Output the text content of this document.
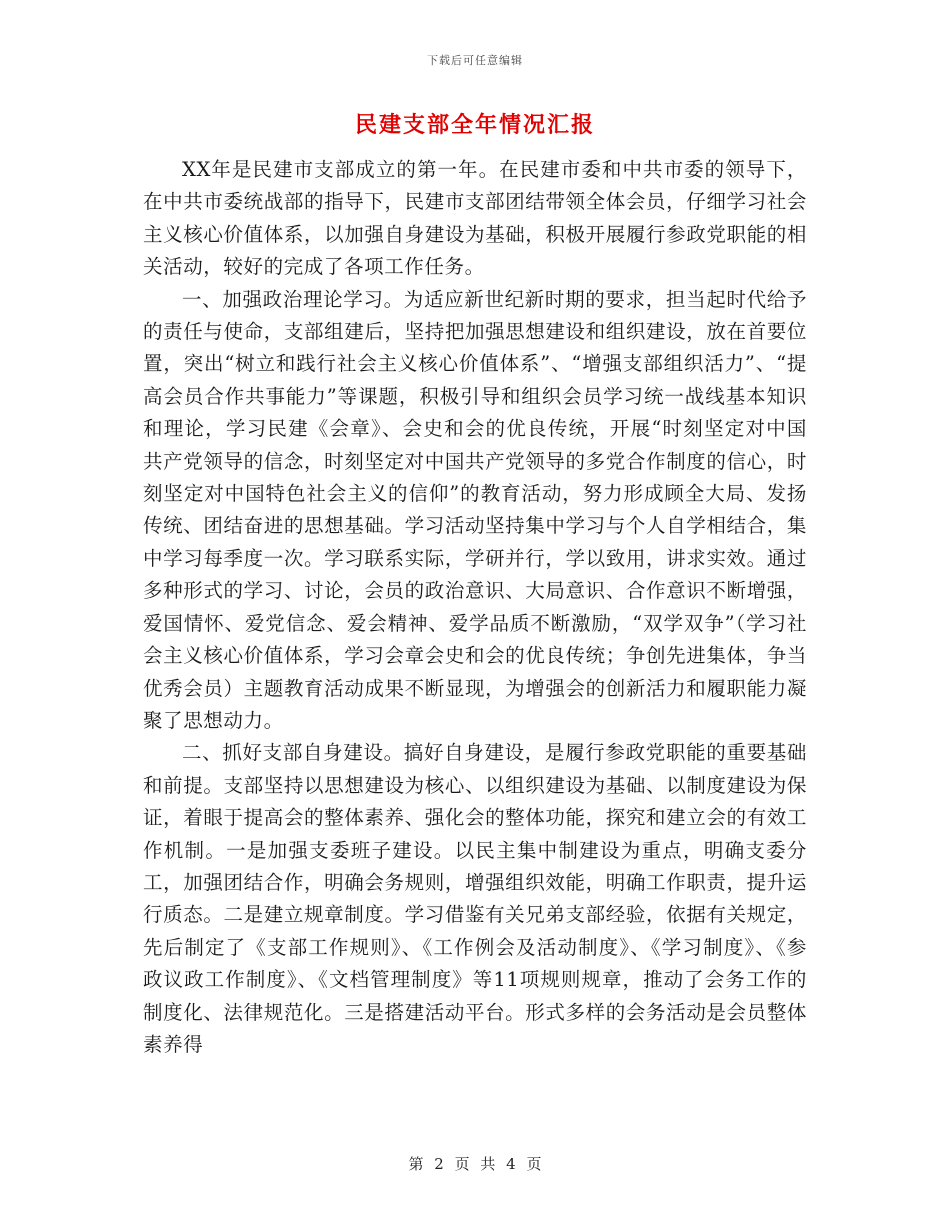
下载后可任意编辑
民建支部全年情况汇报

XX年是民建市支部成立的第一年。在民建市委和中共市委的领导下，在中共市委统战部的指导下，民建市支部团结带领全体会员，仔细学习社会主义核心价值体系，以加强自身建设为基础，积极开展履行参政党职能的相关活动，较好的完成了各项工作任务。

一、加强政治理论学习。为适应新世纪新时期的要求，担当起时代给予的责任与使命，支部组建后，坚持把加强思想建设和组织建设，放在首要位置，突出“树立和践行社会主义核心价值体系”、“增强支部组织活力”、“提高会员合作共事能力”等课题，积极引导和组织会员学习统一战线基本知识和理论，学习民建《会章》、会史和会的优良传统，开展“时刻坚定对中国共产党领导的信念，时刻坚定对中国共产党领导的多党合作制度的信心，时刻坚定对中国特色社会主义的信仰”的教育活动，努力形成顾全大局、发扬传统、团结奋进的思想基础。学习活动坚持集中学习与个人自学相结合，集中学习每季度一次。学习联系实际，学研并行，学以致用，讲求实效。通过多种形式的学习、讨论，会员的政治意识、大局意识、合作意识不断增强，爱国情怀、爱党信念、爱会精神、爱学品质不断激励，“双学双争”（学习社会主义核心价值体系，学习会章会史和会的优良传统；争创先进集体，争当优秀会员）主题教育活动成果不断显现，为增强会的创新活力和履职能力凝聚了思想动力。

二、抓好支部自身建设。搞好自身建设，是履行参政党职能的重要基础和前提。支部坚持以思想建设为核心、以组织建设为基础、以制度建设为保证，着眼于提高会的整体素养、强化会的整体功能，探究和建立会的有效工作机制。一是加强支委班子建设。以民主集中制建设为重点，明确支委分工，加强团结合作，明确会务规则，增强组织效能，明确工作职责，提升运行质态。二是建立规章制度。学习借鉴有关兄弟支部经验，依据有关规定，先后制定了《支部工作规则》、《工作例会及活动制度》、《学习制度》、《参政议政工作制度》、《文档管理制度》等11项规则规章，推动了会务工作的制度化、法律规范化。三是搭建活动平台。形式多样的会务活动是会员整体素养得

第 2 页 共 4 页
